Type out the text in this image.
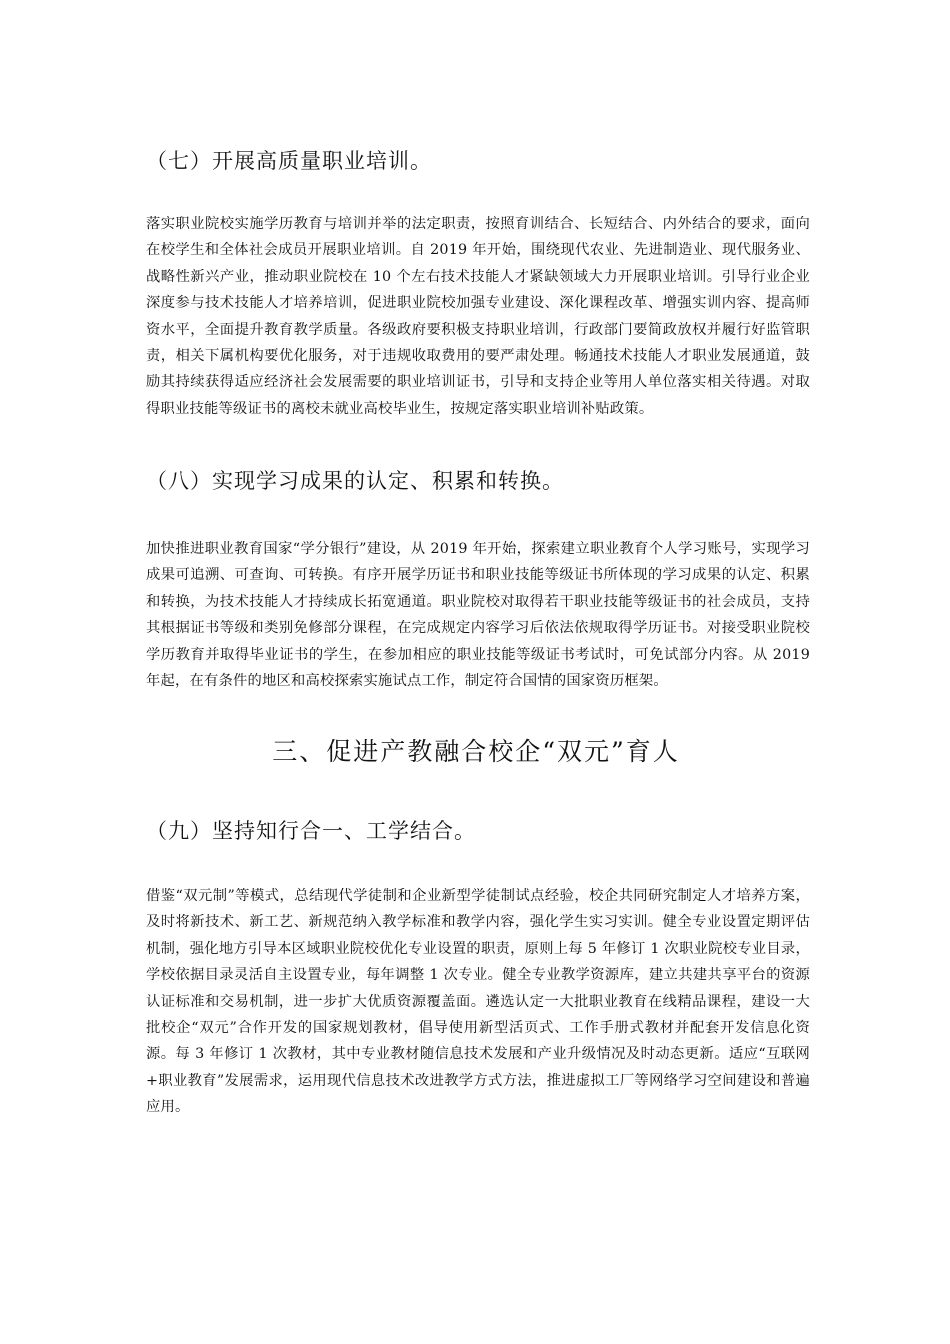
（七）开展高质量职业培训。
落实职业院校实施学历教育与培训并举的法定职责，按照育训结合、长短结合、内外结合的要求，面向在校学生和全体社会成员开展职业培训。自 2019 年开始，围绕现代农业、先进制造业、现代服务业、战略性新兴产业，推动职业院校在 10 个左右技术技能人才紧缺领域大力开展职业培训。引导行业企业深度参与技术技能人才培养培训，促进职业院校加强专业建设、深化课程改革、增强实训内容、提高师资水平，全面提升教育教学质量。各级政府要积极支持职业培训，行政部门要简政放权并履行好监管职责，相关下属机构要优化服务，对于违规收取费用的要严肃处理。畅通技术技能人才职业发展通道，鼓励其持续获得适应经济社会发展需要的职业培训证书，引导和支持企业等用人单位落实相关待遇。对取得职业技能等级证书的离校未就业高校毕业生，按规定落实职业培训补贴政策。
（八）实现学习成果的认定、积累和转换。
加快推进职业教育国家“学分银行”建设，从 2019 年开始，探索建立职业教育个人学习账号，实现学习成果可追溯、可查询、可转换。有序开展学历证书和职业技能等级证书所体现的学习成果的认定、积累和转换，为技术技能人才持续成长拓宽通道。职业院校对取得若干职业技能等级证书的社会成员，支持其根据证书等级和类别免修部分课程，在完成规定内容学习后依法依规取得学历证书。对接受职业院校学历教育并取得毕业证书的学生，在参加相应的职业技能等级证书考试时，可免试部分内容。从 2019 年起，在有条件的地区和高校探索实施试点工作，制定符合国情的国家资历框架。
三、促进产教融合校企“双元”育人
（九）坚持知行合一、工学结合。
借鉴“双元制”等模式，总结现代学徒制和企业新型学徒制试点经验，校企共同研究制定人才培养方案，及时将新技术、新工艺、新规范纳入教学标准和教学内容，强化学生实习实训。健全专业设置定期评估机制，强化地方引导本区域职业院校优化专业设置的职责，原则上每 5 年修订 1 次职业院校专业目录，学校依据目录灵活自主设置专业，每年调整 1 次专业。健全专业教学资源库，建立共建共享平台的资源认证标准和交易机制，进一步扩大优质资源覆盖面。遴选认定一大批职业教育在线精品课程，建设一大批校企“双元”合作开发的国家规划教材，倡导使用新型活页式、工作手册式教材并配套开发信息化资源。每 3 年修订 1 次教材，其中专业教材随信息技术发展和产业升级情况及时动态更新。适应“互联网+职业教育”发展需求，运用现代信息技术改进教学方式方法，推进虚拟工厂等网络学习空间建设和普遍应用。
